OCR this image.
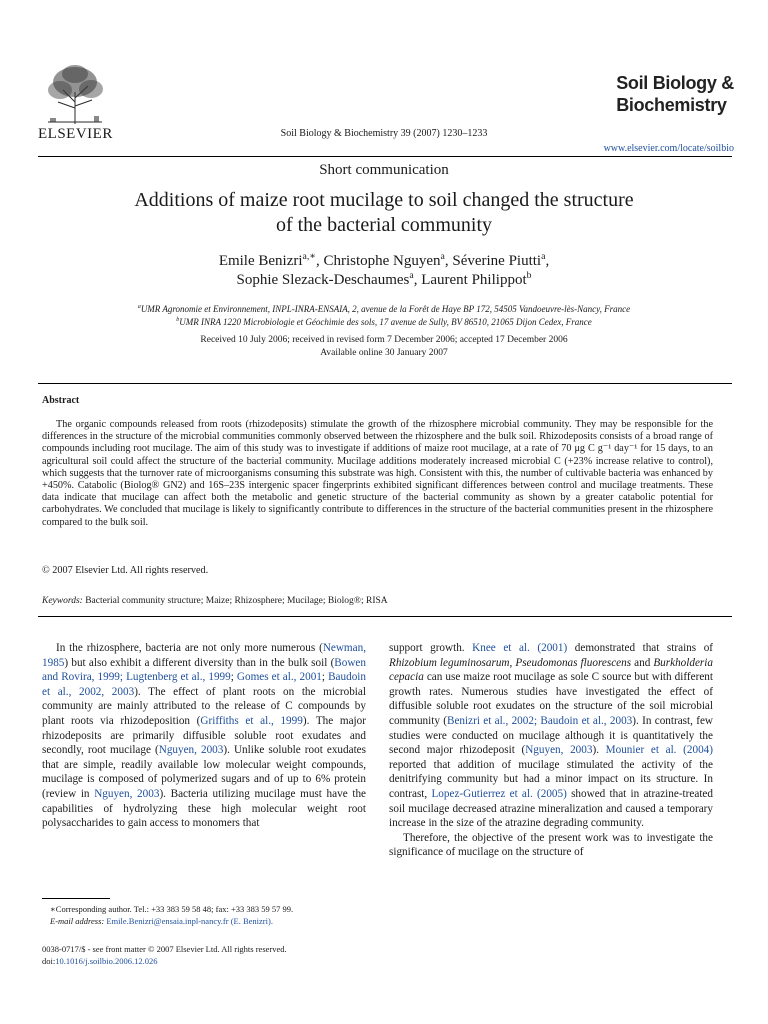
ELSEVIER	Soil Biology & Biochemistry 39 (2007) 1230–1233
Soil Biology &
Biochemistry
www.elsevier.com/locate/soilbio
Short communication
Additions of maize root mucilage to soil changed the structure
of the bacterial community
Emile Benizri$^{a,∗}$, Christophe Nguyen$^a$, Séverine Piutti$^a$,
Sophie Slezack-Deschaumes$^a$, Laurent Philippot$^b$
$^a$UMR Agronomie et Environnement, INPL-INRA-ENSAIA, 2, avenue de la Forêt de Haye BP 172, 54505 Vandoeuvre-lès-Nancy, France
$^b$UMR INRA 1220 Microbiologie et Géochimie des sols, 17 avenue de Sully, BV 86510, 21065 Dijon Cedex, France
Received 10 July 2006; received in revised form 7 December 2006; accepted 17 December 2006
Available online 30 January 2007
Abstract

The organic compounds released from roots (rhizodeposits) stimulate the growth of the rhizosphere microbial community. They may be responsible for the differences in the structure of the microbial communities commonly observed between the rhizosphere and the bulk soil. Rhizodeposits consists of a broad range of compounds including root mucilage. The aim of this study was to investigate if additions of maize root mucilage, at a rate of 70 μg C g⁻¹ day⁻¹ for 15 days, to an agricultural soil could affect the structure of the bacterial community. Mucilage additions moderately increased microbial C (+23% increase relative to control), which suggests that the turnover rate of microorganisms consuming this substrate was high. Consistent with this, the number of cultivable bacteria was enhanced by +450%. Catabolic (Biolog® GN2) and 16S–23S intergenic spacer fingerprints exhibited significant differences between control and mucilage treatments. These data indicate that mucilage can affect both the metabolic and genetic structure of the bacterial community as shown by a greater catabolic potential for carbohydrates. We concluded that mucilage is likely to significantly contribute to differences in the structure of the bacterial communities present in the rhizosphere compared to the bulk soil.

© 2007 Elsevier Ltd. All rights reserved.
Keywords: Bacterial community structure; Maize; Rhizosphere; Mucilage; Biolog®; RISA

In the rhizosphere, bacteria are not only more numerous (Newman, 1985) but also exhibit a different diversity than in the bulk soil (Bowen and Rovira, 1999; Lugtenberg et al., 1999; Gomes et al., 2001; Baudoin et al., 2002, 2003). The effect of plant roots on the microbial community are mainly attributed to the release of C compounds by plant roots via rhizodeposition (Griffiths et al., 1999). The major rhizodeposits are primarily diffusible soluble root exudates and secondly, root mucilage (Nguyen, 2003). Unlike soluble root exudates that are simple, readily available low molecular weight compounds, mucilage is composed of polymerized sugars and of up to 6% protein (review in Nguyen, 2003). Bacteria utilizing mucilage must have the capabilities of hydrolyzing these high molecular weight root polysaccharides to gain access to monomers that

support growth. Knee et al. (2001) demonstrated that strains of Rhizobium leguminosarum, Pseudomonas fluorescens and Burkholderia cepacia can use maize root mucilage as sole C source but with different growth rates. Numerous studies have investigated the effect of diffusible soluble root exudates on the structure of the soil microbial community (Benizri et al., 2002; Baudoin et al., 2003). In contrast, few studies were conducted on mucilage although it is quantitatively the second major rhizodeposit (Nguyen, 2003). Mounier et al. (2004) reported that addition of mucilage stimulated the activity of the denitrifying community but had a minor impact on its structure. In contrast, Lopez-Gutierrez et al. (2005) showed that in atrazine-treated soil mucilage decreased atrazine mineralization and caused a temporary increase in the size of the atrazine degrading community.

Therefore, the objective of the present work was to investigate the significance of mucilage on the structure of

∗Corresponding author. Tel.: +33 383 59 58 48; fax: +33 383 59 57 99.
E-mail address: Emile.Benizri@ensaia.inpl-nancy.fr (E. Benizri).
0038-0717/$ - see front matter © 2007 Elsevier Ltd. All rights reserved.
doi:10.1016/j.soilbio.2006.12.026
